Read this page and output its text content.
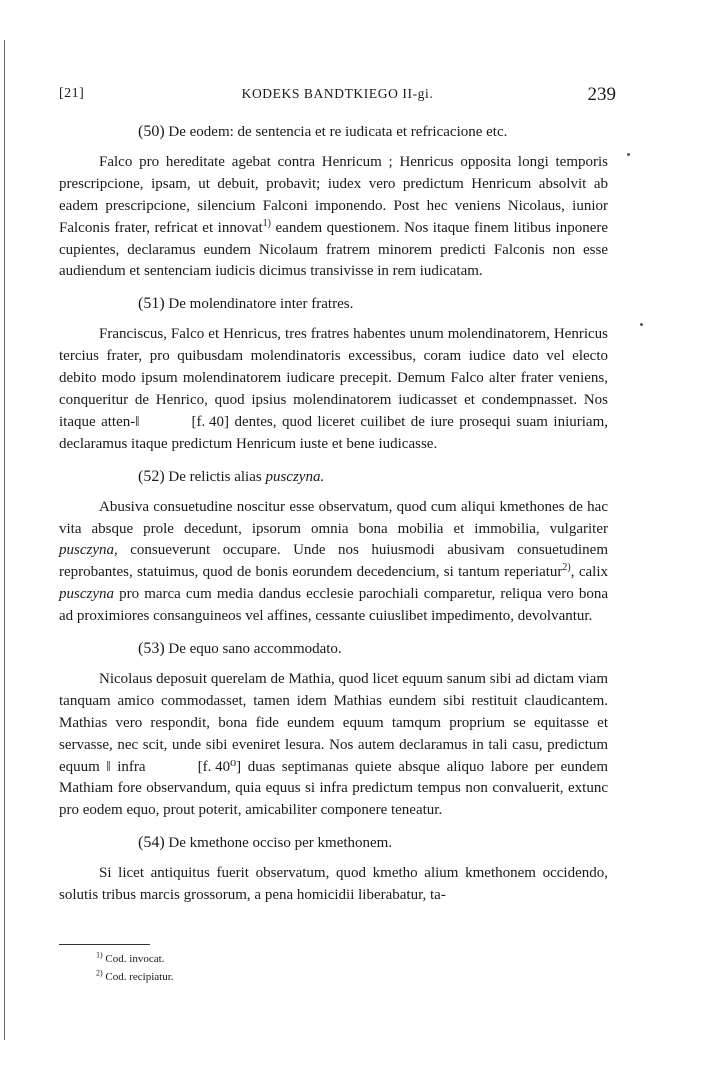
[21]	KODEKS BANDTKIEGO II-gi.	239

(50) De eodem: de sentencia et re iudicata et refricacione etc.

Falco pro hereditate agebat contra Henricum ; Henricus opposita longi temporis prescripcione, ipsam, ut debuit, probavit; iudex vero predictum Henricum absolvit ab eadem prescripcione, silencium Falconi imponendo. Post hec veniens Nicolaus, iunior Falconis frater, refricat et innovat$^{1)}$ eandem questionem. Nos itaque finem litibus inponere cupientes, declaramus eundem Nicolaum fratrem minorem predicti Falconis non esse audiendum et sentenciam iudicis dicimus transivisse in rem iudicatam.

(51) De molendinatore inter fratres.

Franciscus, Falco et Henricus, tres fratres habentes unum molendinatorem, Henricus tercius frater, pro quibusdam molendinatoris excessibus, coram iudice dato vel electo debito modo ipsum molendinatorem iudicare precepit. Demum Falco alter frater veniens, conqueritur de Henrico, quod ipsius molendinatorem iudicasset et condempnasset. Nos itaque atten-‖	[f. 40] dentes, quod liceret cuilibet de iure prosequi suam iniuriam, declaramus itaque predictum Henricum iuste et bene iudicasse.

(52) De relictis alias pusczyna.

Abusiva consuetudine noscitur esse observatum, quod cum aliqui kmethones de hac vita absque prole decedunt, ipsorum omnia bona mobilia et immobilia, vulgariter pusczyna, consueverunt occupare. Unde nos huiusmodi abusivam consuetudinem reprobantes, statuimus, quod de bonis eorundem decedencium, si tantum reperiatur$^{2)}$, calix pusczyna pro marca cum media dandus ecclesie parochiali comparetur, reliqua vero bona ad proximiores consanguineos vel affines, cessante cuiuslibet impedimento, devolvantur.

(53) De equo sano accommodato.

Nicolaus deposuit querelam de Mathia, quod licet equum sanum sibi ad dictam viam tanquam amico commodasset, tamen idem Mathias eundem sibi restituit claudicantem. Mathias vero respondit, bona fide eundem equum tamqum proprium se equitasse et servasse, nec scit, unde sibi eveniret lesura. Nos autem declaramus in tali casu, predictum equum ‖ infra	[f. 40⁰] duas septimanas quiete absque aliquo labore per eundem Mathiam fore observandum, quia equus si infra predictum tempus non convaluerit, extunc pro eodem equo, prout poterit, amicabiliter componere teneatur.

(54) De kmethone occiso per kmethonem.

Si licet antiquitus fuerit observatum, quod kmetho alium kmethonem occidendo, solutis tribus marcis grossorum, a pena homicidii liberabatur, ta-

$^{1)}$ Cod. invocat.

$^{2)}$ Cod. recipiatur.
